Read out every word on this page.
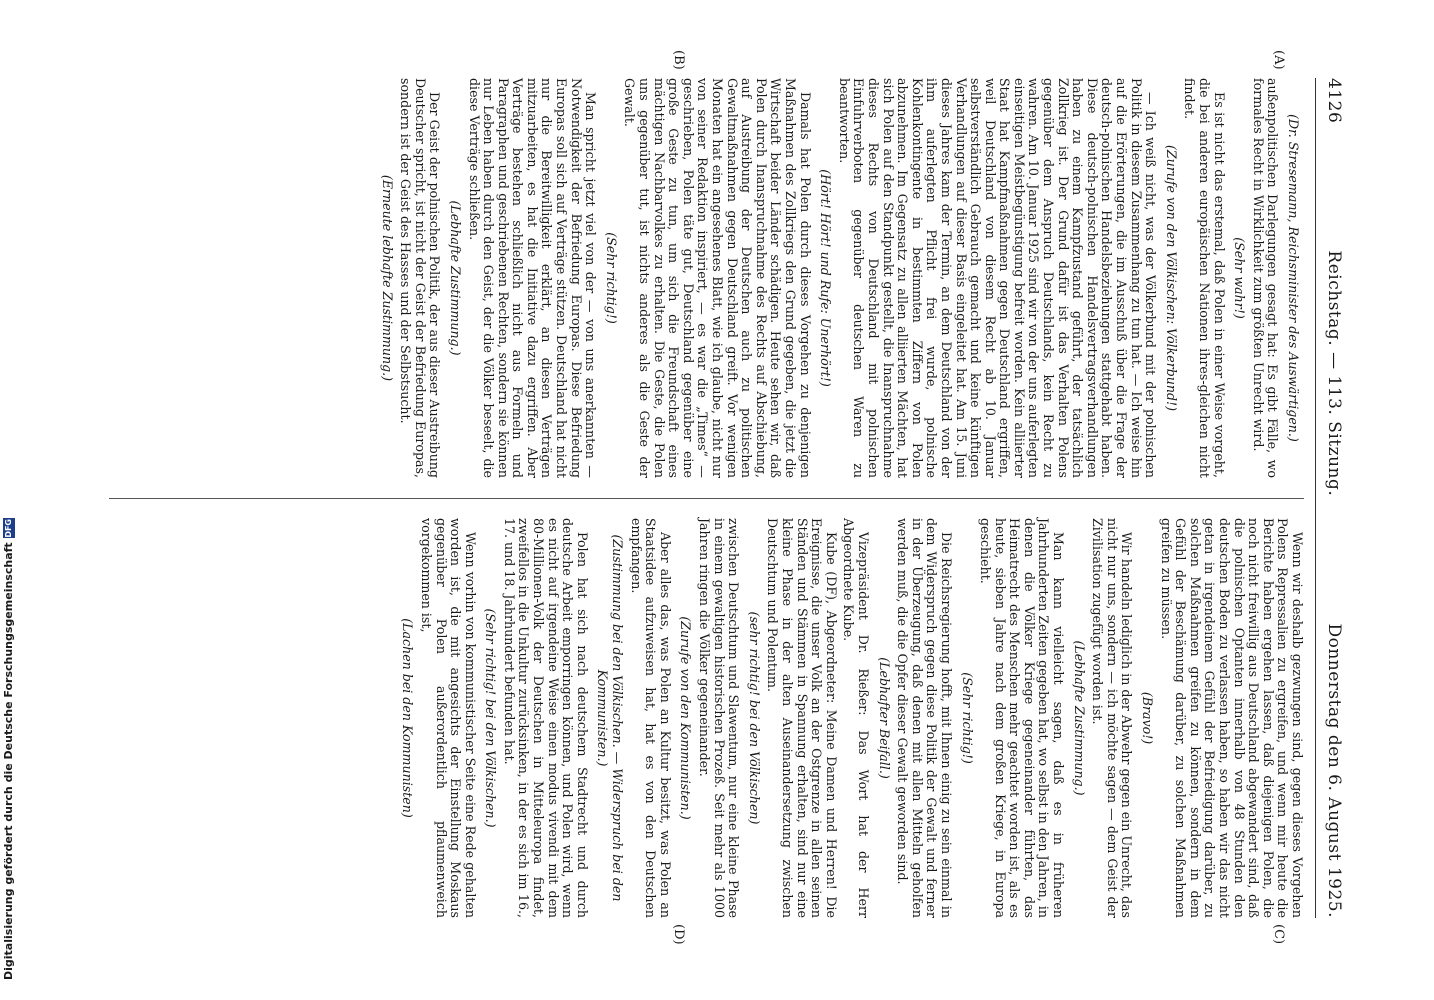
4126
Reichstag. — 113. Sitzung.
Donnerstag den 6. August 1925.
(A)
(B)
(C)
(D)

(Dr. Stresemann, Reichsminister des Auswärtigen.)

außenpolitischen Darlegungen gesagt hat: Es gibt Fälle, wo formales Recht in Wirklichkeit zum größten Unrecht wird.

(Sehr wahr!)

Es ist nicht das erstemal, daß Polen in einer Weise vorgeht, die bei anderen europäischen Nationen ihres-gleichen nicht findet.

(Zurufe von den Völkischen: Völkerbund!)

— Ich weiß nicht, was der Völkerbund mit der polnischen Politik in diesem Zusammenhang zu tun hat. — Ich weise hin auf die Erörterungen, die im Ausschuß über die Frage der deutsch-polnischen Handelsbeziehungen stattgehabt haben. Diese deutsch-polnischen Handelsvertragsverhandlungen haben zu einem Kampfzustand geführt, der tatsächlich Zollkrieg ist. Der Grund dafür ist das Verhalten Polens gegenüber dem Anspruch Deutschlands, kein Recht zu wahren. Am 10. Januar 1925 sind wir von der uns auferlegten einseitigen Meistbegünstigung befreit worden. Kein alliierter Staat hat Kampfmaßnahmen gegen Deutschland ergriffen, weil Deutschland von diesem Recht ab 10. Januar selbstverständlich Gebrauch gemacht und keine künftigen Verhandlungen auf dieser Basis eingeleitet hat. Am 15. Juni dieses Jahres kam der Termin, an dem Deutschland von der ihm auferlegten Pflicht frei wurde, polnische Kohlenkontingente in bestimmten Ziffern von Polen abzunehmen. Im Gegensatz zu allen alliierten Mächten, hat sich Polen auf den Standpunkt gestellt, die Inanspruchnahme dieses Rechts von Deutschland mit polnischen Einfuhrverboten gegenüber deutschen Waren zu beantworten.

(Hört! Hört! und Rufe: Unerhört!)

Damals hat Polen durch dieses Vorgehen zu denjenigen Maßnahmen des Zollkriegs den Grund gegeben, die jetzt die Wirtschaft beider Länder schädigen. Heute sehen wir, daß Polen durch Inanspruchnahme des Rechts auf Abschiebung, auf Austreibung der Deutschen auch zu politischen Gewaltmaßnahmen gegen Deutschland greift. Vor wenigen Monaten hat ein angesehenes Blatt, wie ich glaube, nicht nur von seiner Redaktion inspiriert, — es war die „Times“ — geschrieben, Polen täte gut, Deutschland gegenüber eine große Geste zu tun, um sich die Freundschaft eines mächtigen Nachbarvolkes zu erhalten. Die Geste, die Polen uns gegenüber tut, ist nichts anderes als die Geste der Gewalt.

(Sehr richtig!)

Man spricht jetzt viel von der — von uns anerkannten — Notwendigkeit der Befriedung Europas. Diese Befriedung Europas soll sich auf Verträge stützen. Deutschland hat nicht nur die Bereitwilligkeit erklärt, an diesen Verträgen mitzuarbeiten, es hat die Initiative dazu ergriffen. Aber Verträge bestehen schließlich nicht aus Formeln und Paragraphen und geschriebenen Rechten, sondern sie können nur Leben haben durch den Geist, der die Völker beseelt, die diese Verträge schließen.

(Lebhafte Zustimmung.)

Der Geist der polnischen Politik, der aus dieser Austreibung Deutscher spricht, ist nicht der Geist der Befriedung Europas, sondern ist der Geist des Hasses und der Selbstsucht.

(Erneute lebhafte Zustimmung.)

Wenn wir deshalb gezwungen sind, gegen dieses Vorgehen Polens Repressalien zu ergreifen, und wenn mir heute die Berichte haben ergehen lassen, daß diejenigen Polen, die noch nicht freiwillig aus Deutschland abgewandert sind, daß die polnischen Optanten innerhalb von 48 Stunden den deutschen Boden zu verlassen haben, so haben wir das nicht getan in irgendeinem Gefühl der Befriedigung darüber, zu solchen Maßnahmen greifen zu können, sondern in dem Gefühl der Beschämung darüber, zu solchen Maßnahmen greifen zu müssen.

(Bravo!)

Wir handeln lediglich in der Abwehr gegen ein Unrecht, das nicht nur uns, sondern — ich möchte sagen — dem Geist der Zivilisation zugefügt worden ist.

(Lebhafte Zustimmung.)

Man kann vielleicht sagen, daß es in früheren Jahrhunderten Zeiten gegeben hat, wo selbst in den Jahren, in denen die Völker Kriege gegeneinander führten, das Heimatrecht des Menschen mehr geachtet worden ist, als es heute, sieben Jahre nach dem großen Kriege, in Europa geschieht.

(Sehr richtig!)

Die Reichsregierung hofft, mit Ihnen einig zu sein einmal in dem Widerspruch gegen diese Politik der Gewalt und ferner in der Überzeugung, daß denen mit allen Mitteln geholfen werden muß, die die Opfer dieser Gewalt geworden sind.

(Lebhafter Beifall.)

Vizepräsident Dr. Rießer: Das Wort hat der Herr Abgeordnete Kube.

Kube (DF), Abgeordneter: Meine Damen und Herren! Die Ereignisse, die unser Volk an der Ostgrenze in allen seinen Ständen und Stämmen in Spannung erhalten, sind nur eine kleine Phase in der alten Auseinandersetzung zwischen Deutschtum und Polentum.

(sehr richtig! bei den Völkischen)

zwischen Deutschtum und Slawentum, nur eine kleine Phase in einem gewaltigen historischen Prozeß. Seit mehr als 1000 Jahren ringen die Völker gegeneinander.

(Zurufe von den Kommunisten.)

Aber alles das, was Polen an Kultur besitzt, was Polen an Staatsidee aufzuweisen hat, hat es von den Deutschen empfangen.

(Zustimmung bei den Völkischen. — Widerspruch bei den Kommunisten.)

Polen hat sich nach deutschem Stadtrecht und durch deutsche Arbeit emporringen können, und Polen wird, wenn es nicht auf irgendeine Weise einen modus vivendi mit dem 80-Millionen-Volk der Deutschen in Mitteleuropa findet, zweifellos in die Unkultur zurücksinken, in der es sich im 16., 17. und 18. Jahrhundert befunden hat.

(Sehr richtig! bei den Völkischen.)

Wenn vorhin von kommunistischer Seite eine Rede gehalten worden ist, die mit angesichts der Einstellung Moskaus gegenüber Polen außerordentlich pflaumenweich vorgekommen ist,

(Lachen bei den Kommunisten)

Digitalisierung gefördert durch die Deutsche Forschungsgemeinschaft
DFG
